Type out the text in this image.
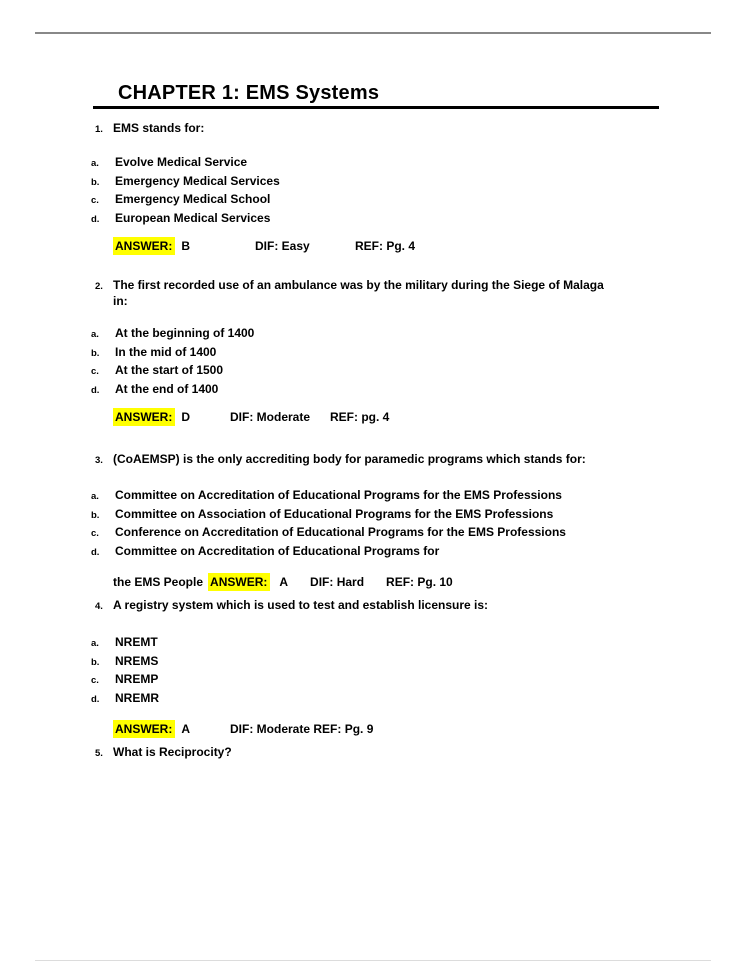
CHAPTER 1: EMS Systems
1. EMS stands for:
a.	Evolve Medical Service
b.	Emergency Medical Services
c.	Emergency Medical School
d.	European Medical Services
ANSWER: B	DIF: Easy	REF: Pg. 4
2. The first recorded use of an ambulance was by the military during the Siege of Malaga
in:
a.	At the beginning of 1400
b.	In the mid of 1400
c.	At the start of 1500
d.	At the end of 1400
ANSWER: D	DIF: Moderate REF: pg. 4
3. (CoAEMSP) is the only accrediting body for paramedic programs which stands for:
a.	Committee on Accreditation of Educational Programs for the EMS Professions
b.	Committee on Association of Educational Programs for the EMS Professions
c.	Conference on Accreditation of Educational Programs for the EMS Professions
d.	Committee on Accreditation of Educational Programs for
the EMS People ANSWER: A DIF: Hard REF: Pg. 10
4. A registry system which is used to test and establish licensure is:
a.	NREMT
b.	NREMS
c.	NREMP
d.	NREMR
ANSWER: A	DIF: Moderate REF: Pg. 9
5. What is Reciprocity?
